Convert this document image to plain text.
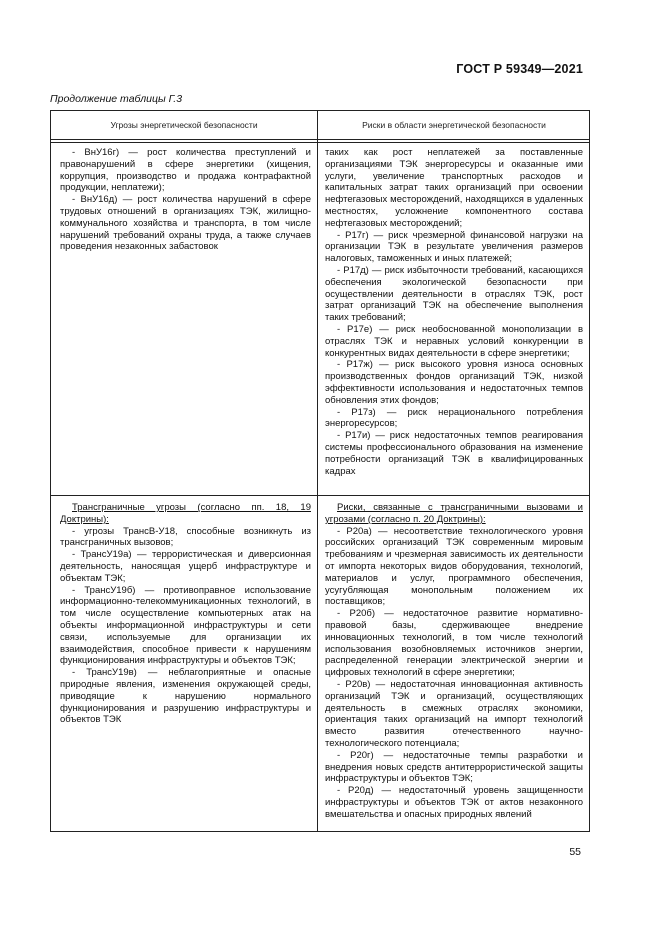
ГОСТ Р 59349—2021
Продолжение таблицы Г.3
Угрозы энергетической безопасности	Риски в области энергетической безопасности

- ВнУ16г) — рост количества преступлений и правонарушений в сфере энергетики (хищения, коррупция, производство и продажа контрафактной продукции, неплатежи);

- ВнУ16д) — рост количества нарушений в сфере трудовых отношений в организациях ТЭК, жилищно-коммунального хозяйства и транспорта, в том числе нарушений требований охраны труда, а также случаев проведения незаконных забастовок

таких как рост неплатежей за поставленные организациями ТЭК энергоресурсы и оказанные ими услуги, увеличение транспортных расходов и капитальных затрат таких организаций при освоении нефтегазовых месторождений, находящихся в удаленных местностях, усложнение компонентного состава нефтегазовых месторождений;

- Р17г) — риск чрезмерной финансовой нагрузки на организации ТЭК в результате увеличения размеров налоговых, таможенных и иных платежей;

- Р17д) — риск избыточности требований, касающихся обеспечения экологической безопасности при осуществлении деятельности в отраслях ТЭК, рост затрат организаций ТЭК на обеспечение выполнения таких требований;

- Р17е) — риск необоснованной монополизации в отраслях ТЭК и неравных условий конкуренции в конкурентных видах деятельности в сфере энергетики;

- Р17ж) — риск высокого уровня износа основных производственных фондов организаций ТЭК, низкой эффективности использования и недостаточных темпов обновления этих фондов;

- Р17з) — риск нерационального потребления энергоресурсов;

- Р17и) — риск недостаточных темпов реагирования системы профессионального образования на изменение потребности организаций ТЭК в квалифицированных кадрах

Трансграничные угрозы (согласно пп. 18, 19 Доктрины):

- угрозы ТрансВ-У18, способные возникнуть из трансграничных вызовов;

- ТрансУ19а) — террористическая и диверсионная деятельность, наносящая ущерб инфраструктуре и объектам ТЭК;

- ТрансУ19б) — противоправное использование информационно-телекоммуникационных технологий, в том числе осуществление компьютерных атак на объекты информационной инфраструктуры и сети связи, используемые для организации их взаимодействия, способное привести к нарушениям функционирования инфраструктуры и объектов ТЭК;

- ТрансУ19в) — неблагоприятные и опасные природные явления, изменения окружающей среды, приводящие к нарушению нормального функционирования и разрушению инфраструктуры и объектов ТЭК

Риски, связанные с трансграничными вызовами и угрозами (согласно п. 20 Доктрины):

- Р20а) — несоответствие технологического уровня российских организаций ТЭК современным мировым требованиям и чрезмерная зависимость их деятельности от импорта некоторых видов оборудования, технологий, материалов и услуг, программного обеспечения, усугубляющая монопольным положением их поставщиков;

- Р20б) — недостаточное развитие нормативно-правовой базы, сдерживающее внедрение инновационных технологий, в том числе технологий использования возобновляемых источников энергии, распределенной генерации электрической энергии и цифровых технологий в сфере энергетики;

- Р20в) — недостаточная инновационная активность организаций ТЭК и организаций, осуществляющих деятельность в смежных отраслях экономики, ориентация таких организаций на импорт технологий вместо развития отечественного научно-технологического потенциала;

- Р20г) — недостаточные темпы разработки и внедрения новых средств антитеррористической защиты инфраструктуры и объектов ТЭК;

- Р20д) — недостаточный уровень защищенности инфраструктуры и объектов ТЭК от актов незаконного вмешательства и опасных природных явлений

55
